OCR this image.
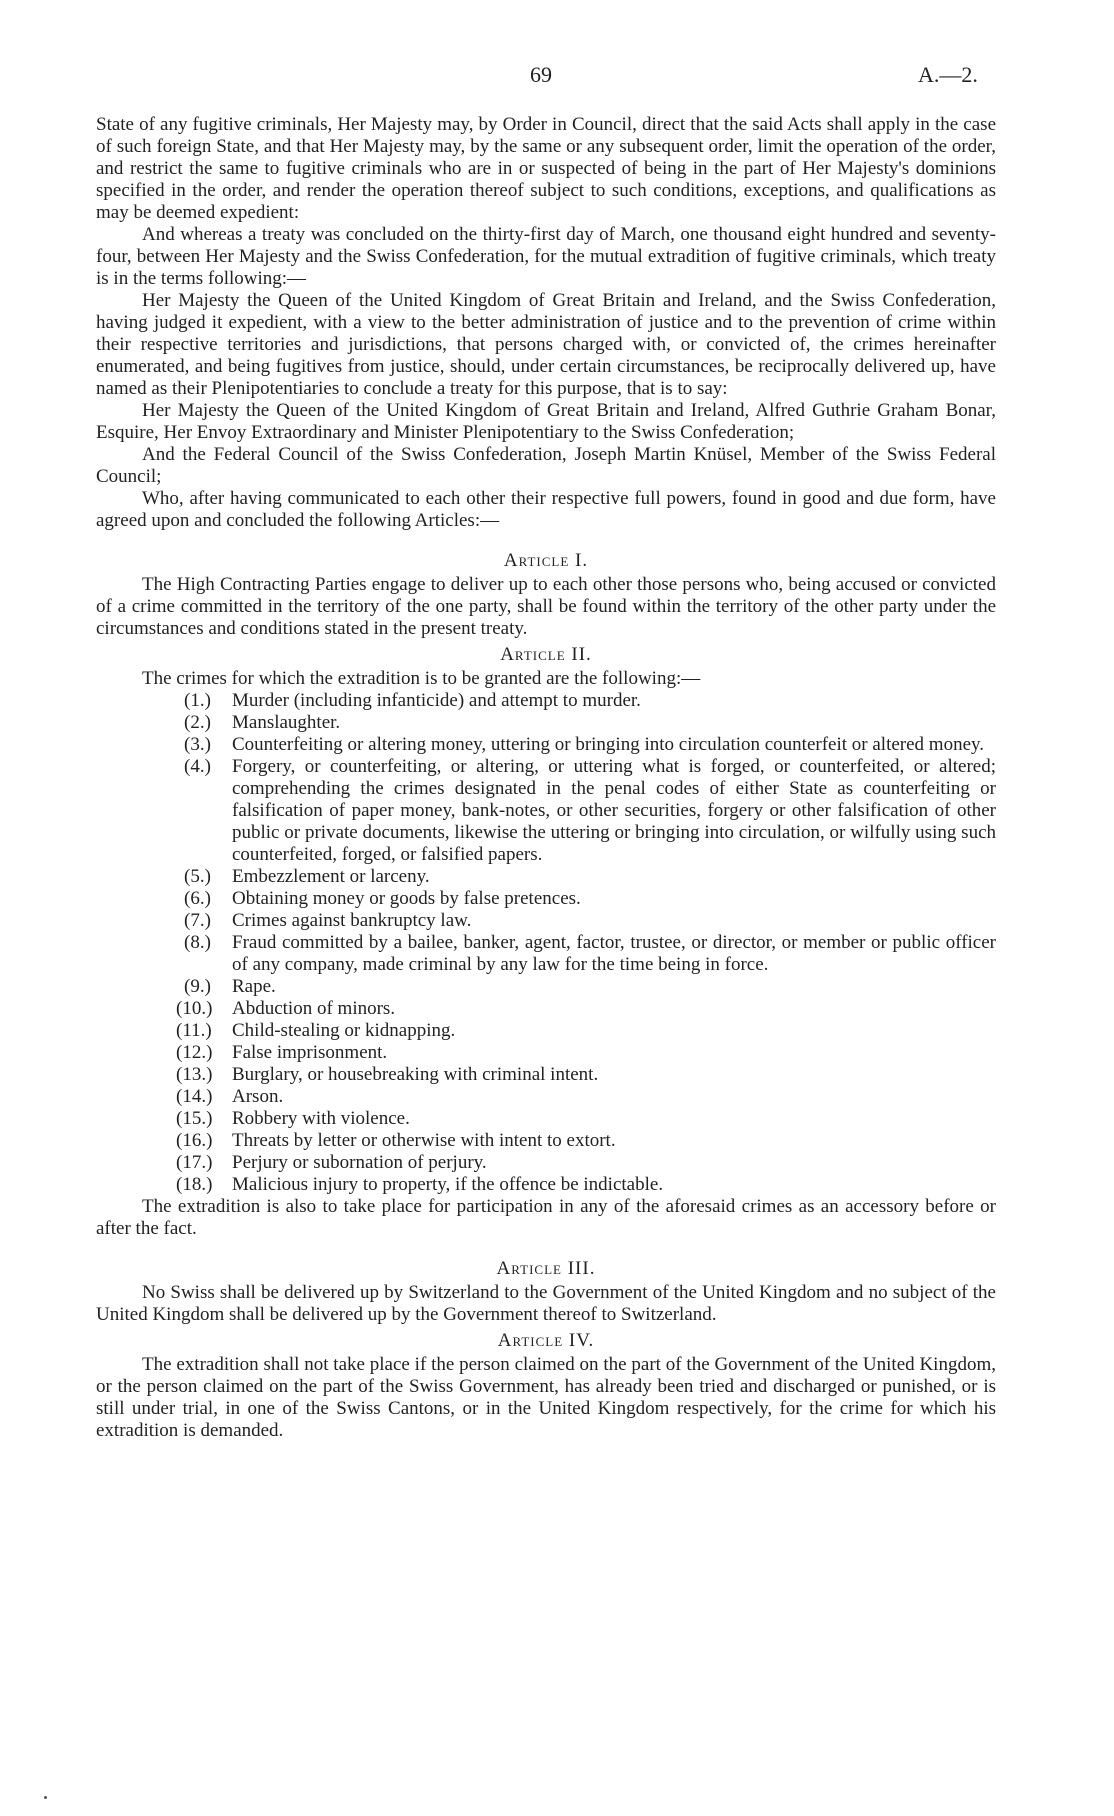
69	A.—2.

State of any fugitive criminals, Her Majesty may, by Order in Council, direct that the said Acts shall apply in the case of such foreign State, and that Her Majesty may, by the same or any subsequent order, limit the operation of the order, and restrict the same to fugitive criminals who are in or suspected of being in the part of Her Majesty's dominions specified in the order, and render the operation thereof subject to such conditions, exceptions, and qualifications as may be deemed expedient:

And whereas a treaty was concluded on the thirty-first day of March, one thousand eight hundred and seventy-four, between Her Majesty and the Swiss Confederation, for the mutual extradition of fugitive criminals, which treaty is in the terms following:—

Her Majesty the Queen of the United Kingdom of Great Britain and Ireland, and the Swiss Confederation, having judged it expedient, with a view to the better administration of justice and to the prevention of crime within their respective territories and jurisdictions, that persons charged with, or convicted of, the crimes hereinafter enumerated, and being fugitives from justice, should, under certain circumstances, be reciprocally delivered up, have named as their Plenipotentiaries to conclude a treaty for this purpose, that is to say:

Her Majesty the Queen of the United Kingdom of Great Britain and Ireland, Alfred Guthrie Graham Bonar, Esquire, Her Envoy Extraordinary and Minister Plenipotentiary to the Swiss Confederation;

And the Federal Council of the Swiss Confederation, Joseph Martin Knüsel, Member of the Swiss Federal Council;

Who, after having communicated to each other their respective full powers, found in good and due form, have agreed upon and concluded the following Articles:—

Article I.

The High Contracting Parties engage to deliver up to each other those persons who, being accused or convicted of a crime committed in the territory of the one party, shall be found within the territory of the other party under the circumstances and conditions stated in the present treaty.

Article II.

The crimes for which the extradition is to be granted are the following:—

(1.)	Murder (including infanticide) and attempt to murder.
(2.)	Manslaughter.
(3.)	Counterfeiting or altering money, uttering or bringing into circulation counterfeit or altered money.
(4.)	Forgery, or counterfeiting, or altering, or uttering what is forged, or counterfeited, or altered; comprehending the crimes designated in the penal codes of either State as counterfeiting or falsification of paper money, bank-notes, or other securities, forgery or other falsification of other public or private documents, likewise the uttering or bringing into circulation, or wilfully using such counterfeited, forged, or falsified papers.
(5.)	Embezzlement or larceny.
(6.)	Obtaining money or goods by false pretences.
(7.)	Crimes against bankruptcy law.
(8.)	Fraud committed by a bailee, banker, agent, factor, trustee, or director, or member or public officer of any company, made criminal by any law for the time being in force.
(9.)	Rape.
(10.)	Abduction of minors.
(11.)	Child-stealing or kidnapping.
(12.)	False imprisonment.
(13.)	Burglary, or housebreaking with criminal intent.
(14.)	Arson.
(15.)	Robbery with violence.
(16.)	Threats by letter or otherwise with intent to extort.
(17.)	Perjury or subornation of perjury.
(18.)	Malicious injury to property, if the offence be indictable.

The extradition is also to take place for participation in any of the aforesaid crimes as an accessory before or after the fact.

Article III.

No Swiss shall be delivered up by Switzerland to the Government of the United Kingdom and no subject of the United Kingdom shall be delivered up by the Government thereof to Switzerland.

Article IV.

The extradition shall not take place if the person claimed on the part of the Government of the United Kingdom, or the person claimed on the part of the Swiss Government, has already been tried and discharged or punished, or is still under trial, in one of the Swiss Cantons, or in the United Kingdom respectively, for the crime for which his extradition is demanded.
